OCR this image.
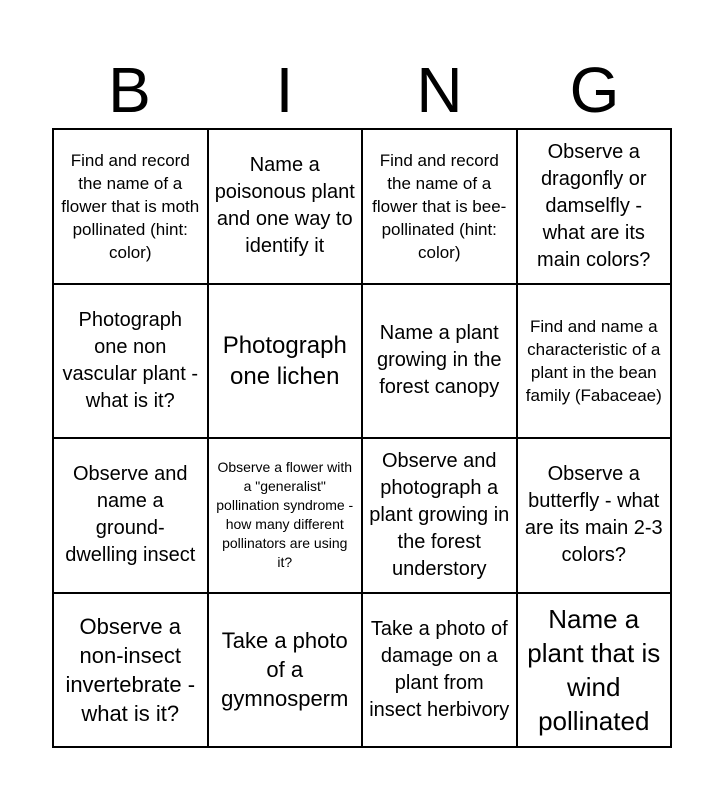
B	I	N	G
Find and record the name of a flower that is moth pollinated (hint: color)
Name a poisonous plant and one way to identify it
Find and record the name of a flower that is bee-pollinated (hint: color)
Observe a dragonfly or damselfly - what are its main colors?
Photograph one non vascular plant - what is it?
Photograph one lichen
Name a plant growing in the forest canopy
Find and name a characteristic of a plant in the bean family (Fabaceae)
Observe and name a ground-dwelling insect
Observe a flower with a "generalist" pollination syndrome - how many different pollinators are using it?
Observe and photograph a plant growing in the forest understory
Observe a butterfly - what are its main 2-3 colors?
Observe a non-insect invertebrate - what is it?
Take a photo of a gymnosperm
Take a photo of damage on a plant from insect herbivory
Name a plant that is wind pollinated
